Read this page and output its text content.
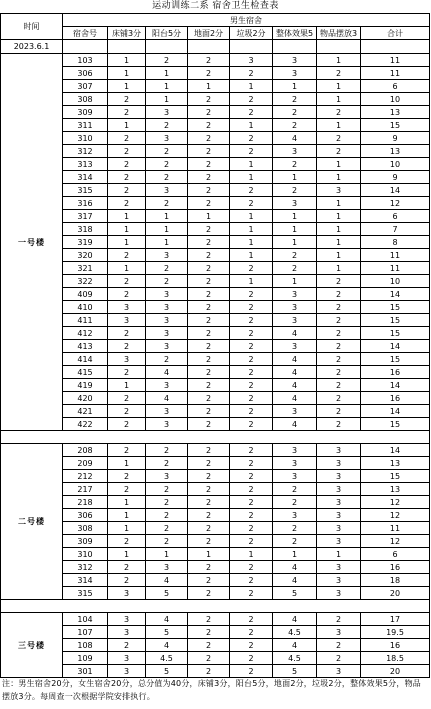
运动训练二系 宿舍卫生检查表
时间	男生宿舍							
	宿舍号	床铺3分	阳台5分	地面2分	垃圾2分	整体效果5	物品摆放3	合计
2023.6.1								
一号楼	103	1	2	2	3	3	1	11
	306	1	1	2	2	3	2	11
	307	1	1	1	1	1	1	6
	308	2	1	2	2	2	1	10
	309	2	3	2	2	2	2	13
	311	1	2	2	1	2	1	15
	310	2	3	2	2	4	2	9
	312	2	2	2	2	3	2	13
	313	2	2	2	1	2	1	10
	314	2	2	2	1	1	1	9
	315	2	3	2	2	2	3	14
	316	2	2	2	2	3	1	12
	317	1	1	1	1	1	1	6
	318	1	1	2	1	1	1	7
	319	1	1	2	1	1	1	8
	320	2	3	2	1	2	1	11
	321	1	2	2	2	2	1	11
	322	2	2	2	1	1	2	10
	409	2	3	2	2	3	2	14
	410	3	3	2	2	3	2	15
	411	3	3	2	2	3	2	15
	412	2	3	2	2	4	2	15
	413	2	3	2	2	3	2	14
	414	3	2	2	2	4	2	15
	415	2	4	2	2	4	2	16
	419	1	3	2	2	4	2	14
	420	2	4	2	2	4	2	16
	421	2	3	2	2	3	2	14
	422	2	3	2	2	4	2	15

二号楼	208	2	2	2	2	3	3	14
	209	1	2	2	2	3	3	13
	212	2	3	2	2	3	3	15
	217	2	2	2	2	2	3	13
	218	1	2	2	2	2	3	12
	306	1	2	2	2	3	3	12
	308	1	2	2	2	2	3	11
	309	2	2	2	2	2	3	12
	310	1	1	1	1	1	1	6
	312	2	3	2	2	4	3	16
	314	2	4	2	2	4	3	18
	315	3	5	2	2	5	3	20

三号楼	104	3	4	2	2	4	2	17
	107	3	5	2	2	4.5	3	19.5
	108	2	4	2	2	4	2	16
	109	3	4.5	2	2	4.5	2	18.5
	301	3	5	2	2	5	3	20
注：男生宿舍20分，女生宿舍20分，总分值为40分，床铺3分，阳台5分，地面2分，垃圾2分，整体效果5分，物品摆放3分。每周查一次根据学院安排执行。
